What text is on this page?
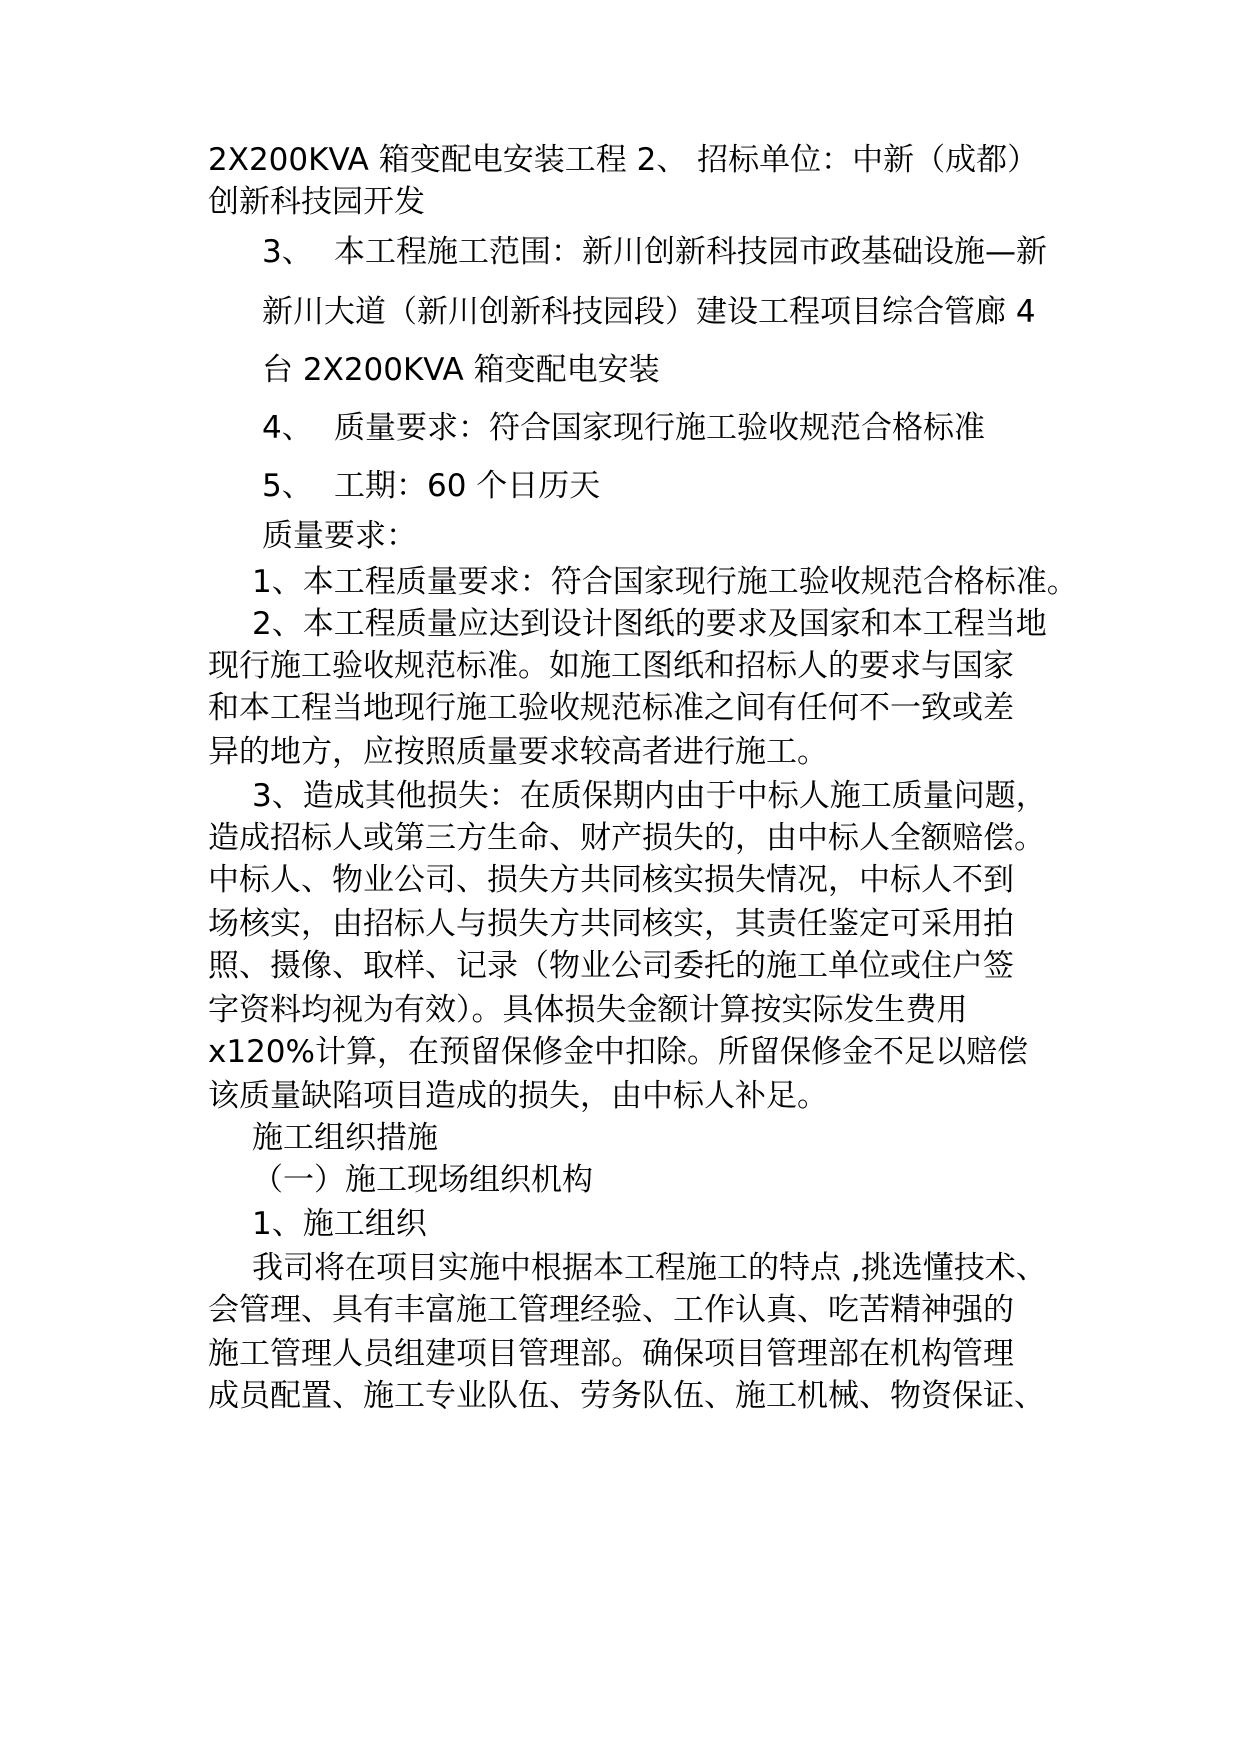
2X200KVA 箱变配电安装工程 2、 招标单位：中新（成都）

创新科技园开发

3、 本工程施工范围：新川创新科技园市政基础设施—新

新川大道（新川创新科技园段）建设工程项目综合管廊 4

台 2X200KVA 箱变配电安装

4、 质量要求：符合国家现行施工验收规范合格标准

5、 工期：60 个日历天

质量要求：

1、本工程质量要求：符合国家现行施工验收规范合格标准。

2、本工程质量应达到设计图纸的要求及国家和本工程当地

现行施工验收规范标准。如施工图纸和招标人的要求与国家

和本工程当地现行施工验收规范标准之间有任何不一致或差

异的地方，应按照质量要求较高者进行施工。

3、造成其他损失：在质保期内由于中标人施工质量问题，

造成招标人或第三方生命、财产损失的，由中标人全额赔偿。

中标人、物业公司、损失方共同核实损失情况，中标人不到

场核实，由招标人与损失方共同核实，其责任鉴定可采用拍

照、摄像、取样、记录（物业公司委托的施工单位或住户签

字资料均视为有效）。具体损失金额计算按实际发生费用

x120%计算，在预留保修金中扣除。所留保修金不足以赔偿

该质量缺陷项目造成的损失，由中标人补足。

施工组织措施

（一）施工现场组织机构

1、施工组织

我司将在项目实施中根据本工程施工的特点 ,挑选懂技术、

会管理、具有丰富施工管理经验、工作认真、吃苦精神强的

施工管理人员组建项目管理部。确保项目管理部在机构管理

成员配置、施工专业队伍、劳务队伍、施工机械、物资保证、
